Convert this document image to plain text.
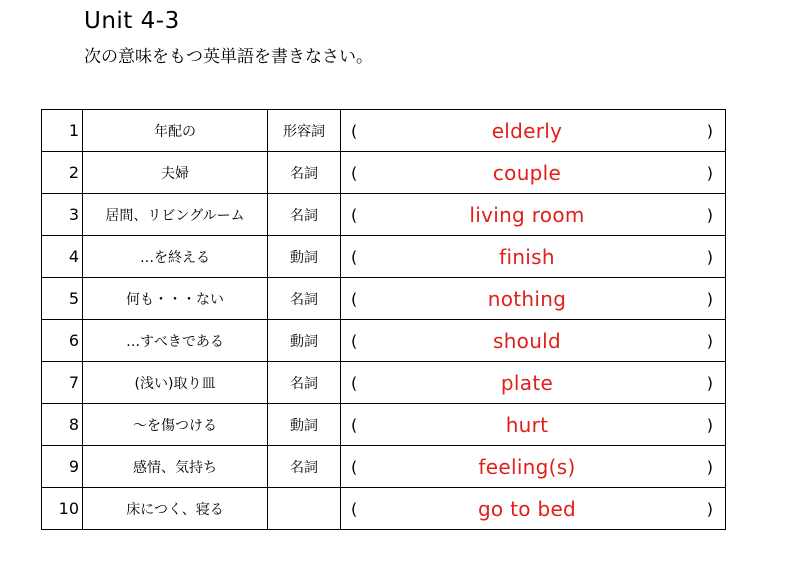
Unit 4-3
次の意味をもつ英単語を書きなさい。
1	年配の	形容詞	( elderly )

2	夫婦	名詞	( couple )

3	居間、リビングルーム	名詞	( living room )

4	…を終える	動詞	( finish )

5	何も・・・ない	名詞	( nothing )

6	…すべきである	動詞	( should )

7	(浅い)取り皿	名詞	( plate )

8	～を傷つける	動詞	( hurt )

9	感情、気持ち	名詞	( feeling(s) )

10	床につく、寝る		( go to bed )
